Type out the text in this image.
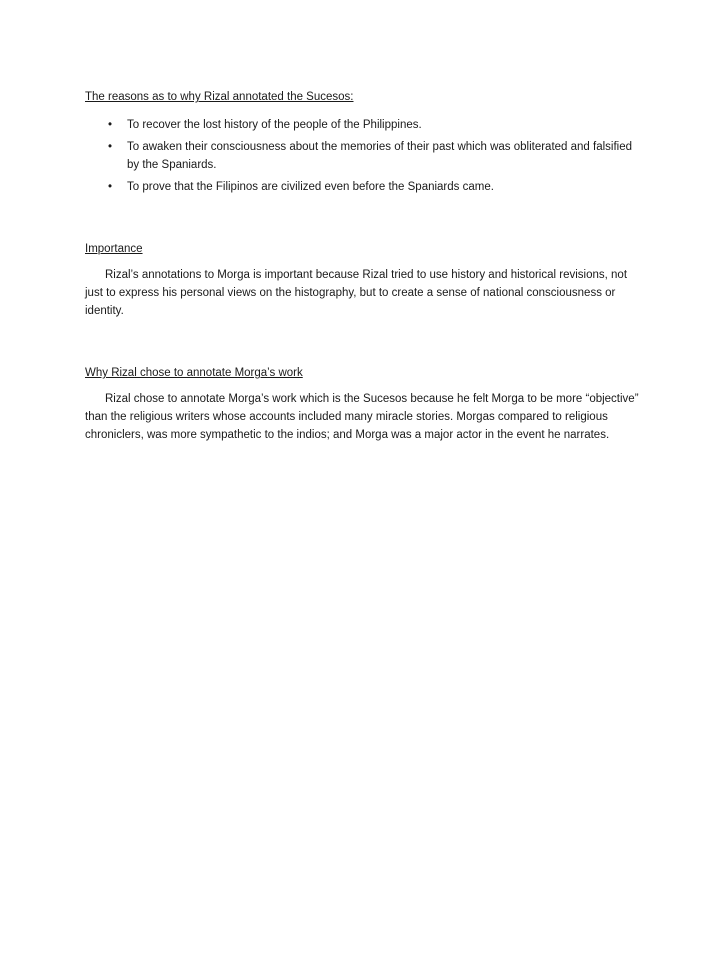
The reasons as to why Rizal annotated the Sucesos:
• To recover the lost history of the people of the Philippines.
• To awaken their consciousness about the memories of their past which was obliterated and falsified by the Spaniards.
• To prove that the Filipinos are civilized even before the Spaniards came.
Importance

Rizal’s annotations to Morga is important because Rizal tried to use history and historical revisions, not just to express his personal views on the histography, but to create a sense of national consciousness or identity.

Why Rizal chose to annotate Morga’s work

Rizal chose to annotate Morga’s work which is the Sucesos because he felt Morga to be more “objective” than the religious writers whose accounts included many miracle stories. Morgas compared to religious chroniclers, was more sympathetic to the indios; and Morga was a major actor in the event he narrates.
